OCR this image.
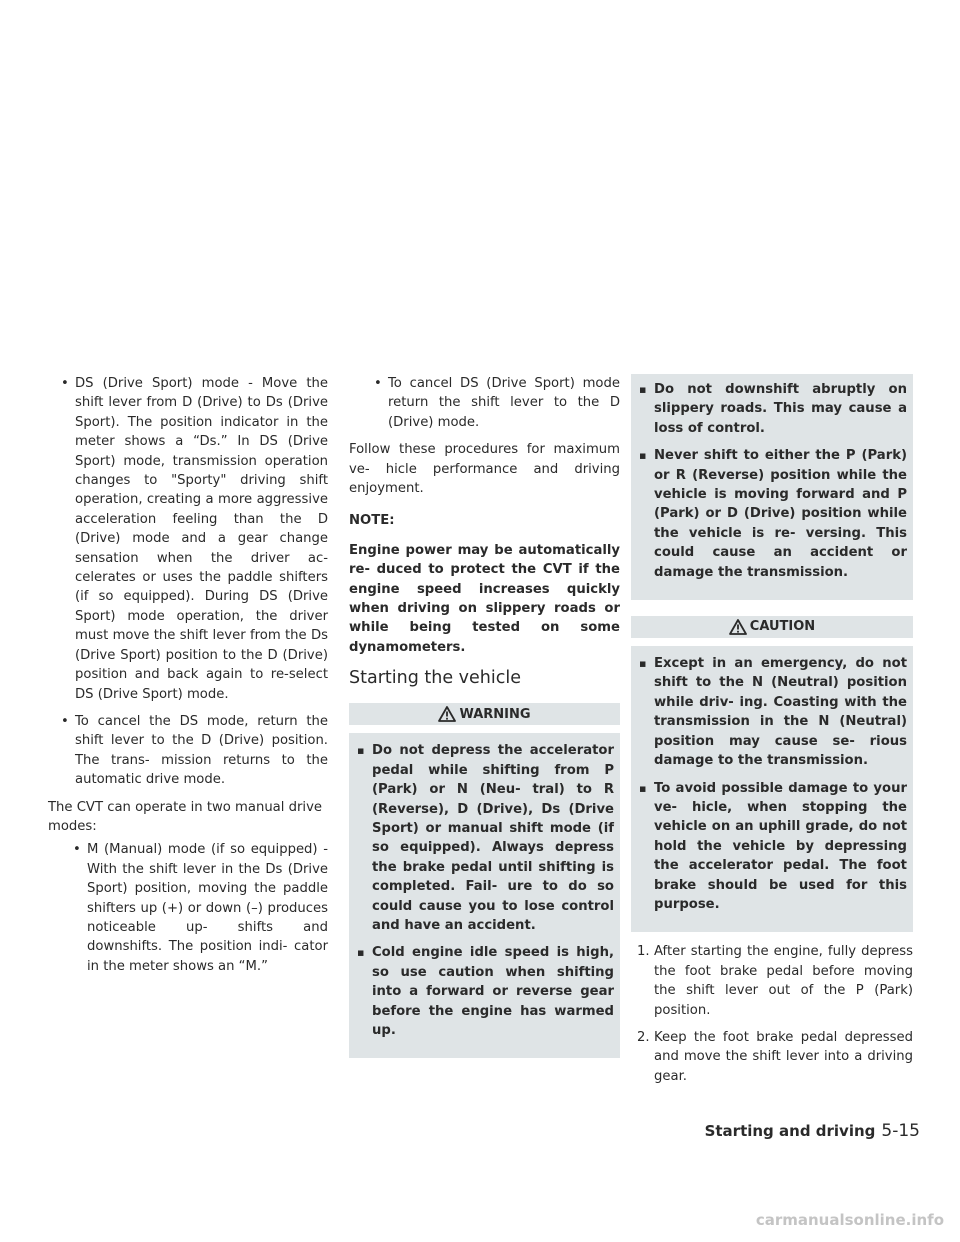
• DS (Drive Sport) mode - Move the shift lever from D (Drive) to Ds (Drive Sport). The position indicator in the meter shows a “Ds.” In DS (Drive Sport) mode, transmission operation changes to "Sporty" driving shift operation, creating a more aggressive acceleration feeling than the D (Drive) mode and a gear change sensation when the driver ac- celerates or uses the paddle shifters (if so equipped). During DS (Drive Sport) mode operation, the driver must move the shift lever from the Ds (Drive Sport) position to the D (Drive) position and back again to re-select DS (Drive Sport) mode.
• To cancel the DS mode, return the shift lever to the D (Drive) position. The trans- mission returns to the automatic drive mode.

The CVT can operate in two manual drive modes:

• M (Manual) mode (if so equipped) - With the shift lever in the Ds (Drive Sport) position, moving the paddle shifters up (+) or down (–) produces noticeable up- shifts and downshifts. The position indi- cator in the meter shows an “M.”
• To cancel DS (Drive Sport) mode return the shift lever to the D (Drive) mode.

Follow these procedures for maximum ve- hicle performance and driving enjoyment.

NOTE:
Engine power may be automatically re- duced to protect the CVT if the engine speed increases quickly when driving on slippery roads or while being tested on some dynamometers.
Starting the vehicle
WARNING
▪ Do not depress the accelerator pedal while shifting from P (Park) or N (Neu- tral) to R (Reverse), D (Drive), Ds (Drive Sport) or manual shift mode (if so equipped). Always depress the brake pedal until shifting is completed. Fail- ure to do so could cause you to lose control and have an accident.
▪ Cold engine idle speed is high, so use caution when shifting into a forward or reverse gear before the engine has warmed up.
▪ Do not downshift abruptly on slippery roads. This may cause a loss of control.
▪ Never shift to either the P (Park) or R (Reverse) position while the vehicle is moving forward and P (Park) or D (Drive) position while the vehicle is re- versing. This could cause an accident or damage the transmission.
CAUTION
▪ Except in an emergency, do not shift to the N (Neutral) position while driv- ing. Coasting with the transmission in the N (Neutral) position may cause se- rious damage to the transmission.
▪ To avoid possible damage to your ve- hicle, when stopping the vehicle on an uphill grade, do not hold the vehicle by depressing the accelerator pedal. The foot brake should be used for this purpose.
1. After starting the engine, fully depress the foot brake pedal before moving the shift lever out of the P (Park) position.
2. Keep the foot brake pedal depressed and move the shift lever into a driving gear.
Starting and driving 5-15
carmanualsonline.info
